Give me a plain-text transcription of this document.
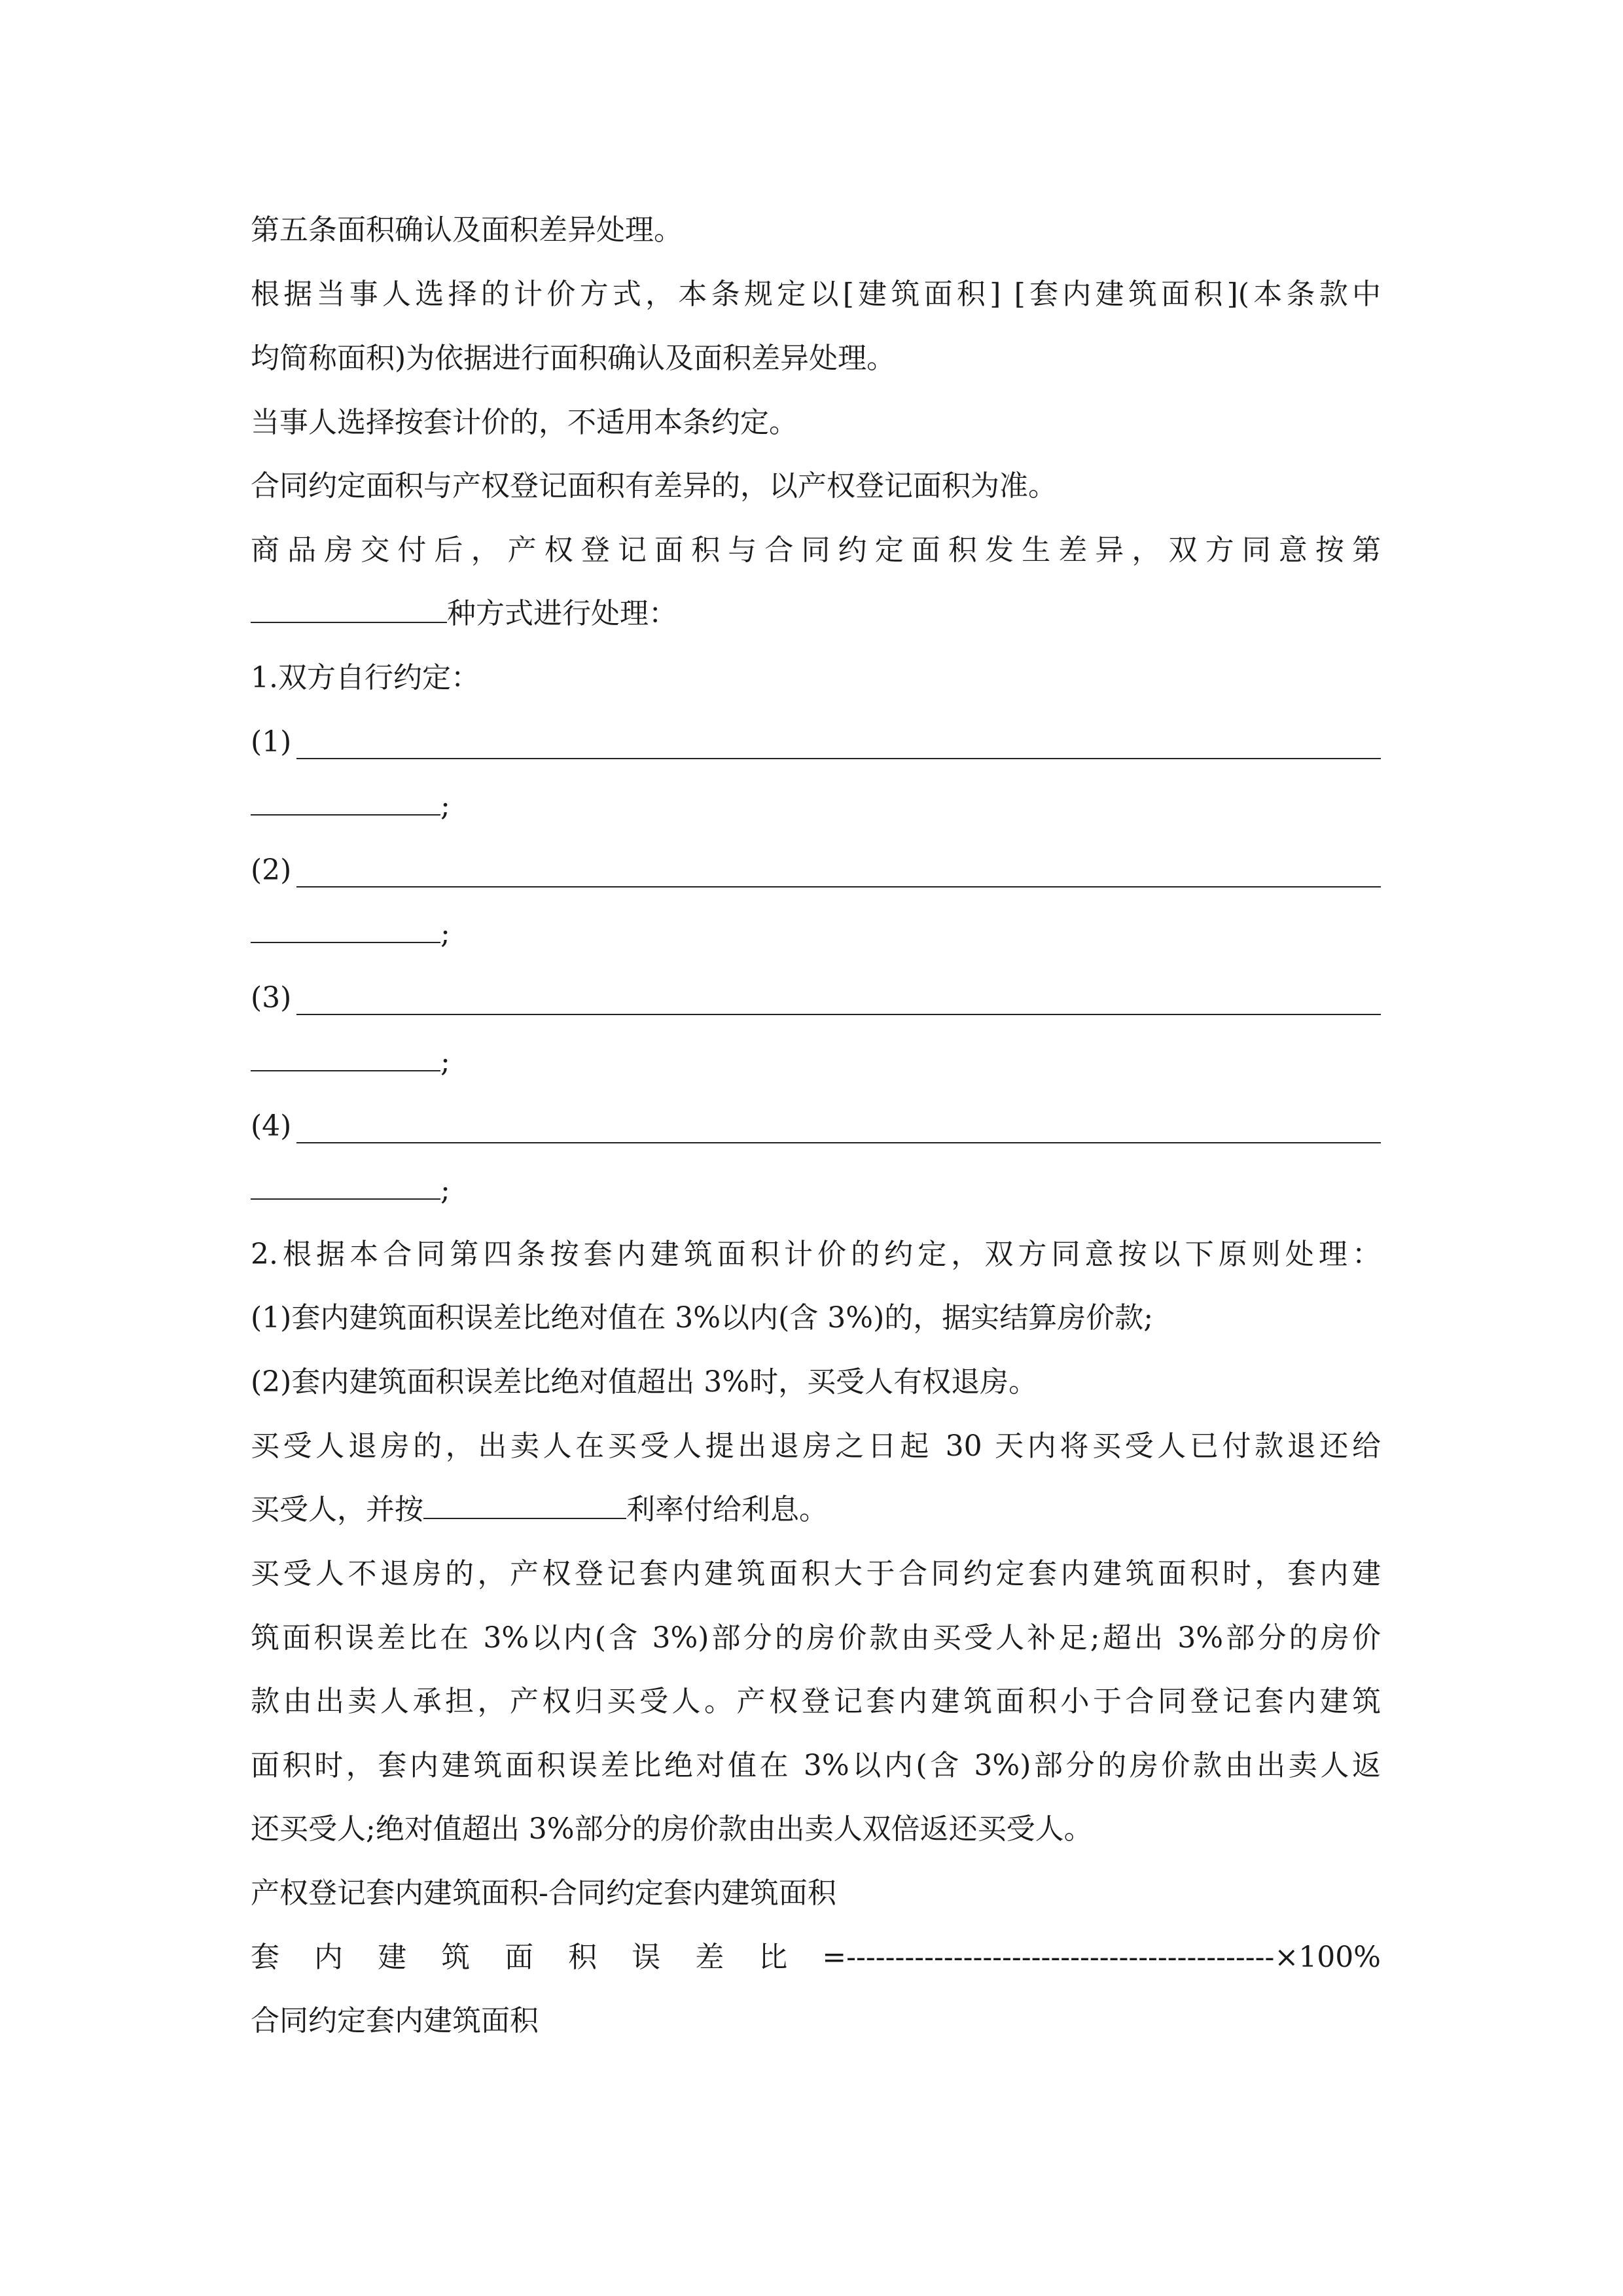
第五条面积确认及面积差异处理。
根据当事人选择的计价方式，本条规定以[建筑面积] [套内建筑面积](本条款中
均简称面积)为依据进行面积确认及面积差异处理。
当事人选择按套计价的，不适用本条约定。
合同约定面积与产权登记面积有差异的，以产权登记面积为准。
商品房交付后，产权登记面积与合同约定面积发生差异，双方同意按第
种方式进行处理：
1.双方自行约定：
(1)
;
(2)
;
(3)
;
(4)
;
2.根据本合同第四条按套内建筑面积计价的约定，双方同意按以下原则处理：
(1)套内建筑面积误差比绝对值在 3%以内(含 3%)的，据实结算房价款;
(2)套内建筑面积误差比绝对值超出 3%时，买受人有权退房。
买受人退房的，出卖人在买受人提出退房之日起 30 天内将买受人已付款退还给
买受人，并按	利率付给利息。
买受人不退房的，产权登记套内建筑面积大于合同约定套内建筑面积时，套内建
筑面积误差比在 3%以内(含 3%)部分的房价款由买受人补足;超出 3%部分的房价
款由出卖人承担，产权归买受人。产权登记套内建筑面积小于合同登记套内建筑
面积时，套内建筑面积误差比绝对值在 3%以内(含 3%)部分的房价款由出卖人返
还买受人;绝对值超出 3%部分的房价款由出卖人双倍返还买受人。
产权登记套内建筑面积-合同约定套内建筑面积
套内建筑面积误差比=--------------------------------------------×100%
合同约定套内建筑面积
